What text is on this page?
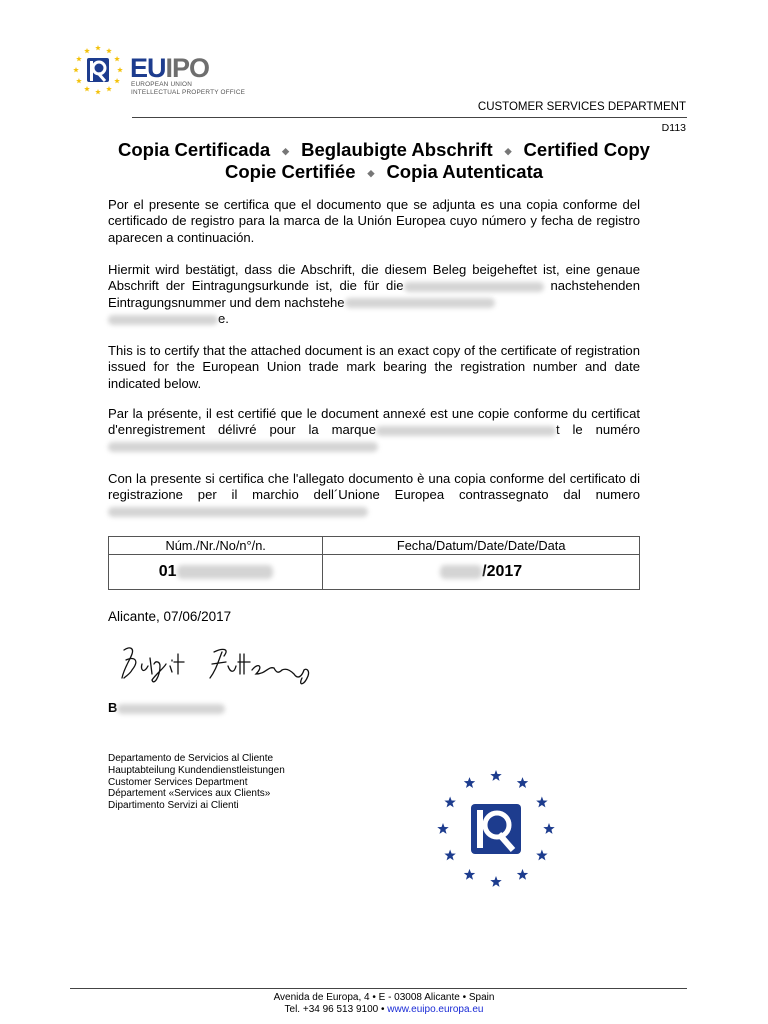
EUIPO
EUROPEAN UNION
INTELLECTUAL PROPERTY OFFICE
CUSTOMER SERVICES DEPARTMENT
D113
Copia Certificada ◆ Beglaubigte Abschrift ◆ Certified Copy
Copie Certifiée ◆ Copia Autenticata

Por el presente se certifica que el documento que se adjunta es una copia conforme del certificado de registro para la marca de la Unión Europea cuyo número y fecha de registro aparecen a continuación.

Hiermit wird bestätigt, dass die Abschrift, die diesem Beleg beigeheftet ist, eine genaue Abschrift der Eintragungsurkunde ist, die für die	nachstehenden Eintragungsnummer und dem nachstehe
e.

This is to certify that the attached document is an exact copy of the certificate of registration issued for the European Union trade mark bearing the registration number and date indicated below.

Par la présente, il est certifié que le document annexé est une copie conforme du certificat d'enregistrement délivré pour la marque	t le numéro

Con la presente si certifica che l'allegato documento è una copia conforme del certificato di registrazione per il marchio dell´Unione Europea contrassegnato dal numero

Núm./Nr./No/n°/n.	Fecha/Datum/Date/Date/Data
01	/2017
Alicante, 07/06/2017
B
Departamento de Servicios al Cliente
Hauptabteilung Kundendienstleistungen
Customer Services Department
Département «Services aux Clients»
Dipartimento Servizi ai Clienti
Avenida de Europa, 4 • E - 03008 Alicante • Spain
Tel. +34 96 513 9100 • www.euipo.europa.eu
